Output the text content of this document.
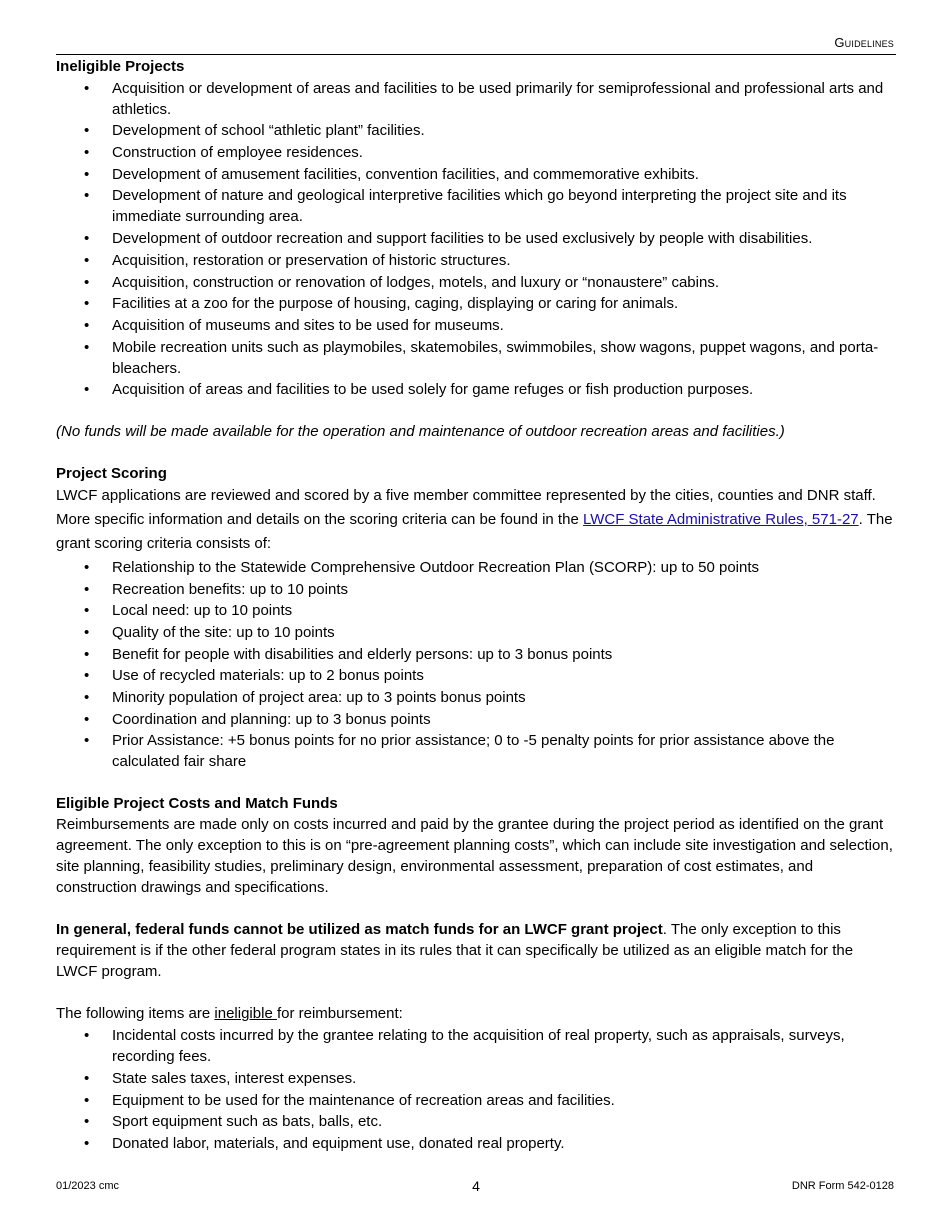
Guidelines

Ineligible Projects

• Acquisition or development of areas and facilities to be used primarily for semiprofessional and professional arts and athletics.
• Development of school “athletic plant” facilities.
• Construction of employee residences.
• Development of amusement facilities, convention facilities, and commemorative exhibits.
• Development of nature and geological interpretive facilities which go beyond interpreting the project site and its immediate surrounding area.
• Development of outdoor recreation and support facilities to be used exclusively by people with disabilities.
• Acquisition, restoration or preservation of historic structures.
• Acquisition, construction or renovation of lodges, motels, and luxury or “nonaustere” cabins.
• Facilities at a zoo for the purpose of housing, caging, displaying or caring for animals.
• Acquisition of museums and sites to be used for museums.
• Mobile recreation units such as playmobiles, skatemobiles, swimmobiles, show wagons, puppet wagons, and porta-bleachers.
• Acquisition of areas and facilities to be used solely for game refuges or fish production purposes.

(No funds will be made available for the operation and maintenance of outdoor recreation areas and facilities.)

Project Scoring

LWCF applications are reviewed and scored by a five member committee represented by the cities, counties and DNR staff. More specific information and details on the scoring criteria can be found in the LWCF State Administrative Rules, 571-27. The grant scoring criteria consists of:

• Relationship to the Statewide Comprehensive Outdoor Recreation Plan (SCORP): up to 50 points
• Recreation benefits: up to 10 points
• Local need: up to 10 points
• Quality of the site: up to 10 points
• Benefit for people with disabilities and elderly persons: up to 3 bonus points
• Use of recycled materials: up to 2 bonus points
• Minority population of project area: up to 3 points bonus points
• Coordination and planning: up to 3 bonus points
• Prior Assistance: +5 bonus points for no prior assistance; 0 to -5 penalty points for prior assistance above the calculated fair share

Eligible Project Costs and Match Funds

Reimbursements are made only on costs incurred and paid by the grantee during the project period as identified on the grant agreement. The only exception to this is on “pre-agreement planning costs”, which can include site investigation and selection, site planning, feasibility studies, preliminary design, environmental assessment, preparation of cost estimates, and construction drawings and specifications.

In general, federal funds cannot be utilized as match funds for an LWCF grant project. The only exception to this requirement is if the other federal program states in its rules that it can specifically be utilized as an eligible match for the LWCF program.

The following items are ineligible for reimbursement:

• Incidental costs incurred by the grantee relating to the acquisition of real property, such as appraisals, surveys, recording fees.
• State sales taxes, interest expenses.
• Equipment to be used for the maintenance of recreation areas and facilities.
• Sport equipment such as bats, balls, etc.
• Donated labor, materials, and equipment use, donated real property.
01/2023 cmc	4	DNR Form 542-0128
